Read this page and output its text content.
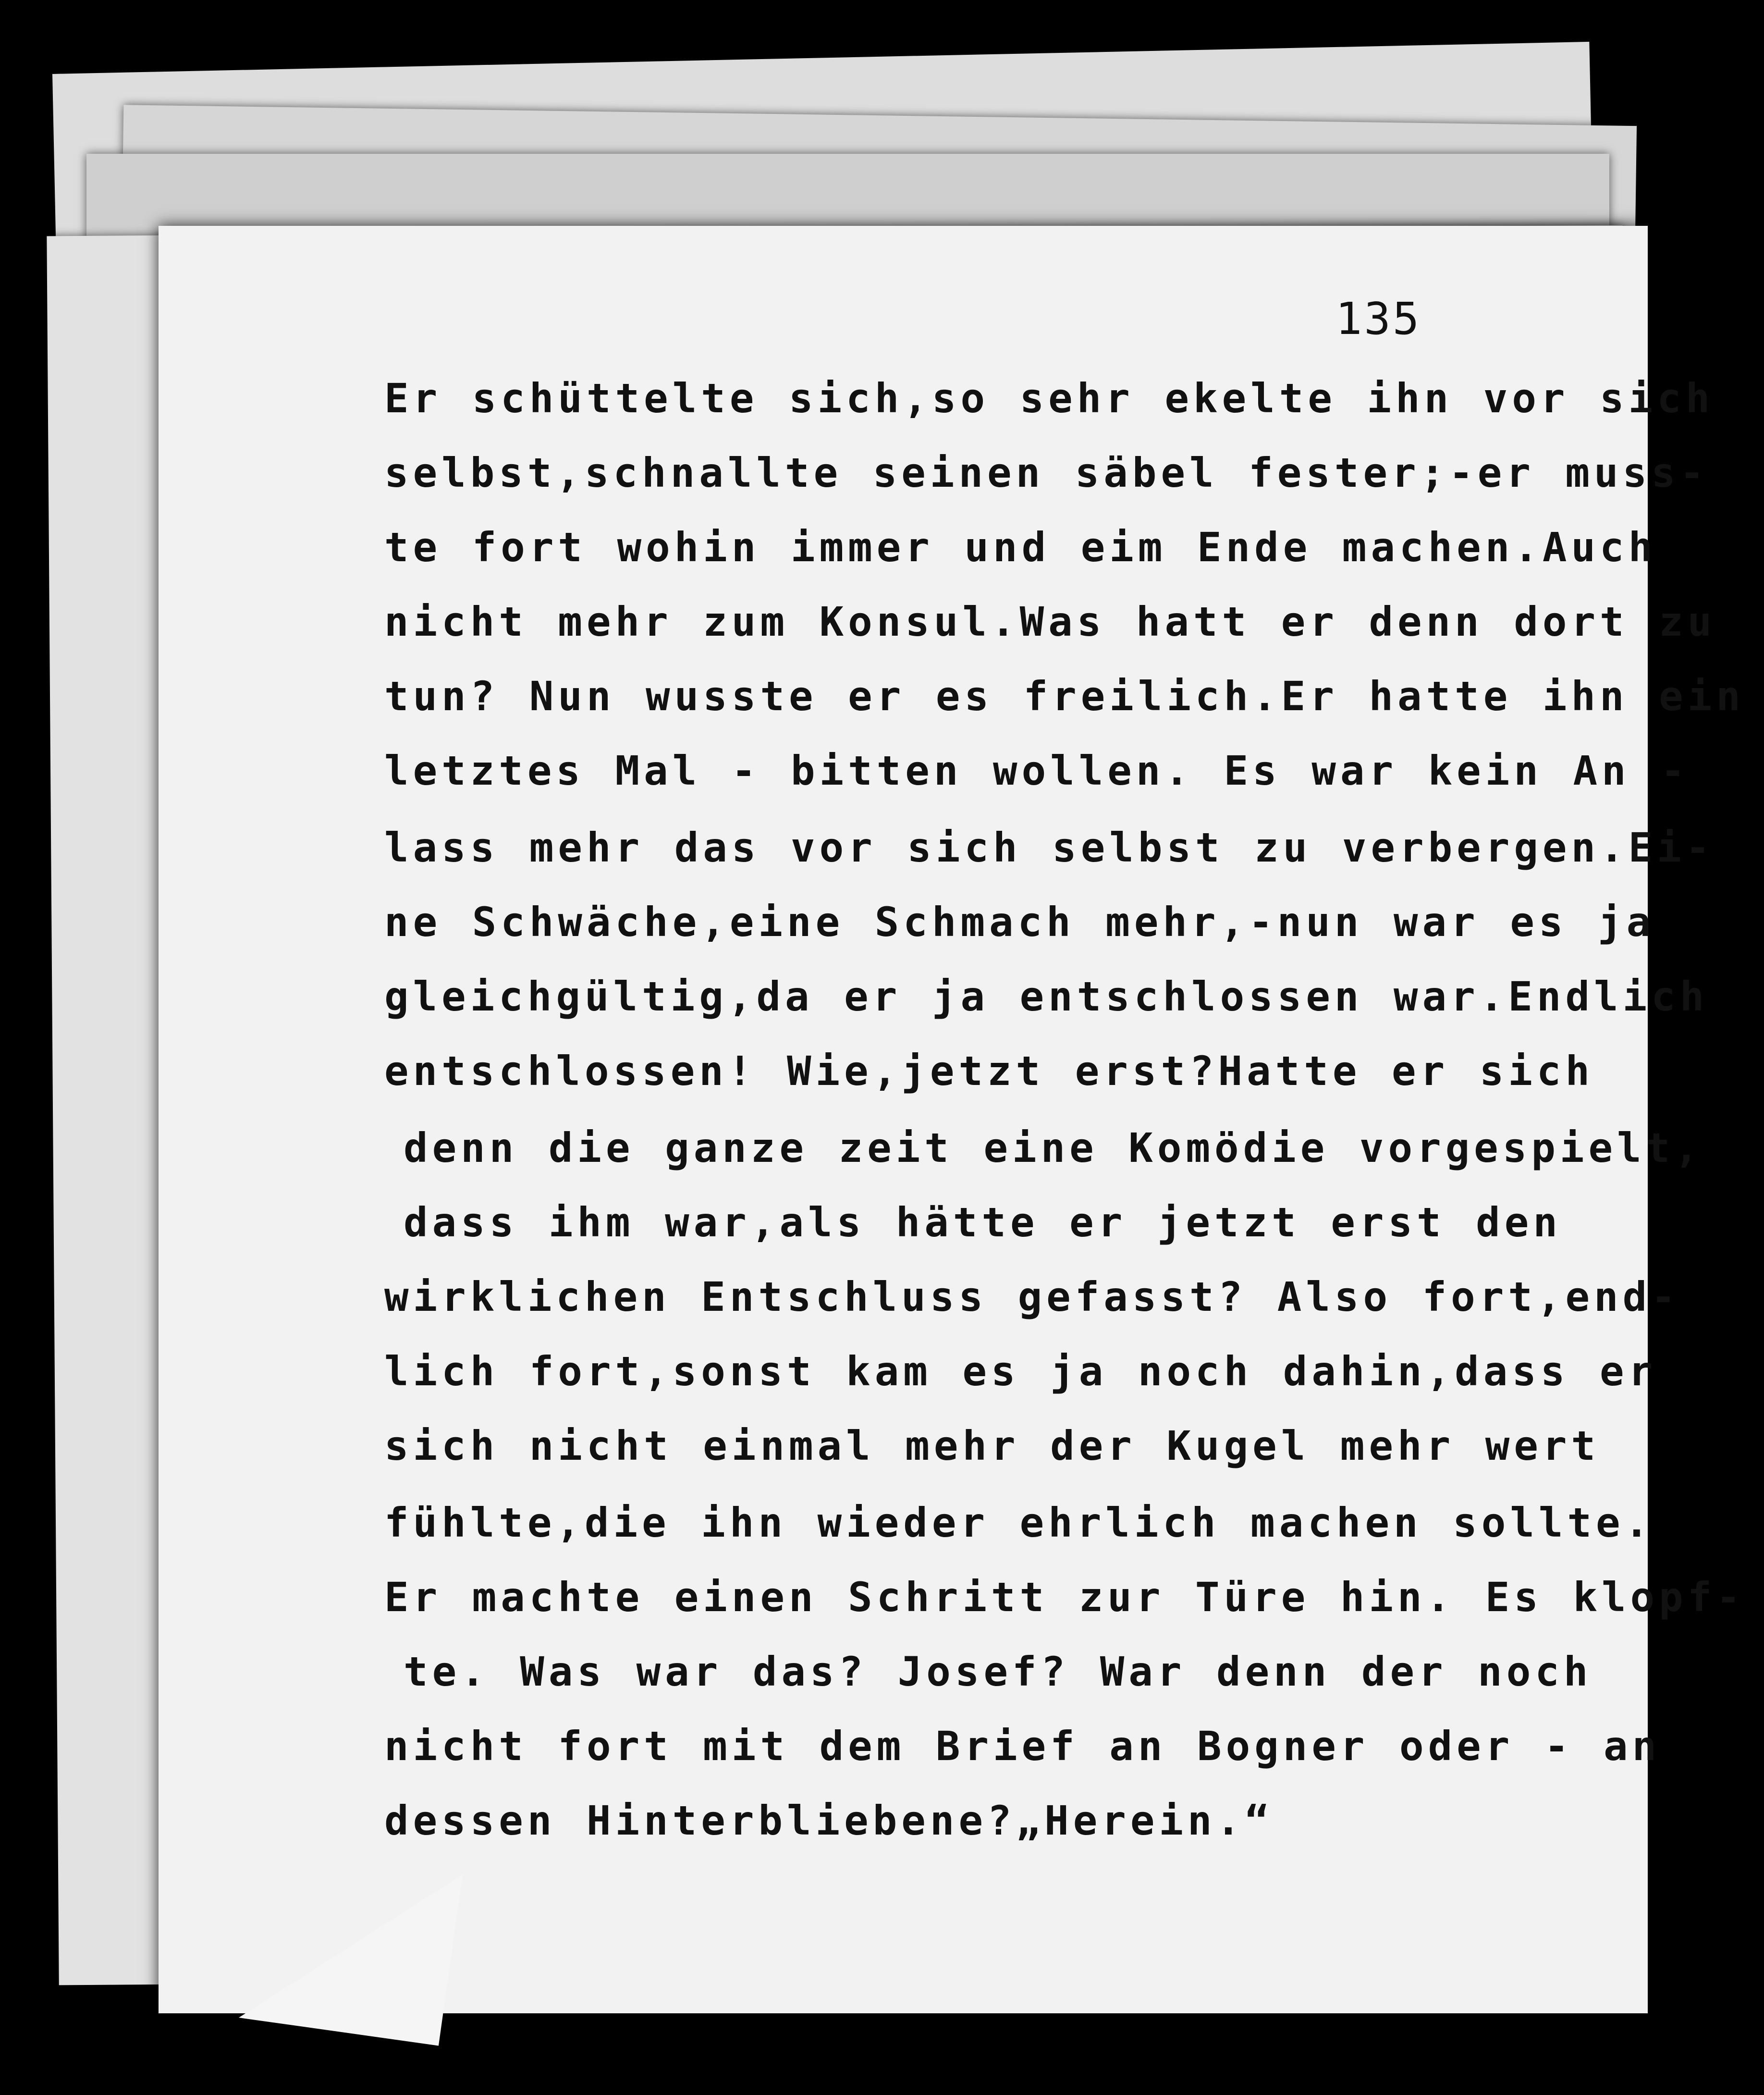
135
Er schüttelte sich,so sehr ekelte ihn vor sich
selbst,schnallte seinen säbel fester;-er muss-
te fort wohin immer und eim Ende machen.Auch
nicht mehr zum Konsul.Was hatt er denn dort zu
tun? Nun wusste er es freilich.Er hatte ihn ein
letztes Mal - bitten wollen. Es war kein An -
lass mehr das vor sich selbst zu verbergen.Ei-
ne Schwäche,eine Schmach mehr,-nun war es ja
gleichgültig,da er ja entschlossen war.Endlich
entschlossen! Wie,jetzt erst?Hatte er sich
denn die ganze zeit eine Komödie vorgespielt,
dass ihm war,als hätte er jetzt erst den
wirklichen Entschluss gefasst? Also fort,end-
lich fort,sonst kam es ja noch dahin,dass er
sich nicht einmal mehr der Kugel mehr wert
fühlte,die ihn wieder ehrlich machen sollte.
Er machte einen Schritt zur Türe hin. Es klopf-
te. Was war das? Josef? War denn der noch
nicht fort mit dem Brief an Bogner oder - an
dessen Hinterbliebene?„Herein.“
